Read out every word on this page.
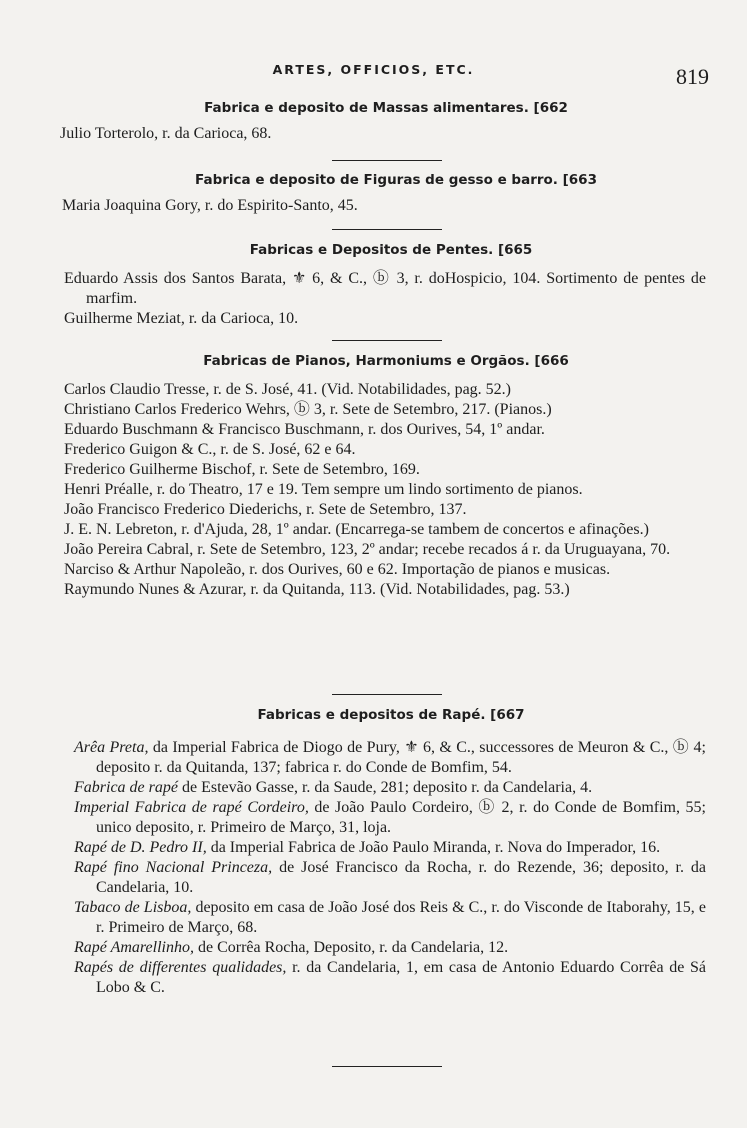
ARTES, OFFICIOS, ETC.	819
Fabrica e deposito de Massas alimentares. [662
Julio Torterolo, r. da Carioca, 68.
Fabrica e deposito de Figuras de gesso e barro. [663
Maria Joaquina Gory, r. do Espirito-Santo, 45.
Fabricas e Depositos de Pentes. [665
Eduardo Assis dos Santos Barata, ⚜ 6, & C., ⓑ 3, r. doHospicio, 104. Sortimento de pentes de marfim.
Guilherme Meziat, r. da Carioca, 10.
Fabricas de Pianos, Harmoniums e Orgãos. [666
Carlos Claudio Tresse, r. de S. José, 41. (Vid. Notabilidades, pag. 52.)
Christiano Carlos Frederico Wehrs, ⓑ 3, r. Sete de Setembro, 217. (Pianos.)
Eduardo Buschmann & Francisco Buschmann, r. dos Ourives, 54, 1º andar.
Frederico Guigon & C., r. de S. José, 62 e 64.
Frederico Guilherme Bischof, r. Sete de Setembro, 169.
Henri Préalle, r. do Theatro, 17 e 19. Tem sempre um lindo sortimento de pianos.
João Francisco Frederico Diederichs, r. Sete de Setembro, 137.
J. E. N. Lebreton, r. d'Ajuda, 28, 1º andar. (Encarrega-se tambem de concertos e afinações.)
João Pereira Cabral, r. Sete de Setembro, 123, 2º andar; recebe recados á r. da Uruguayana, 70.
Narciso & Arthur Napoleão, r. dos Ourives, 60 e 62. Importação de pianos e musicas.
Raymundo Nunes & Azurar, r. da Quitanda, 113. (Vid. Notabilidades, pag. 53.)
Fabricas e depositos de Rapé. [667
Arêa Preta, da Imperial Fabrica de Diogo de Pury, ⚜ 6, & C., successores de Meuron & C., ⓑ 4; deposito r. da Quitanda, 137; fabrica r. do Conde de Bomfim, 54.
Fabrica de rapé de Estevão Gasse, r. da Saude, 281; deposito r. da Candelaria, 4.
Imperial Fabrica de rapé Cordeiro, de João Paulo Cordeiro, ⓑ 2, r. do Conde de Bomfim, 55; unico deposito, r. Primeiro de Março, 31, loja.
Rapé de D. Pedro II, da Imperial Fabrica de João Paulo Miranda, r. Nova do Imperador, 16.
Rapé fino Nacional Princeza, de José Francisco da Rocha, r. do Rezende, 36; deposito, r. da Candelaria, 10.
Tabaco de Lisboa, deposito em casa de João José dos Reis & C., r. do Visconde de Itaborahy, 15, e r. Primeiro de Março, 68.
Rapé Amarellinho, de Corrêa Rocha, Deposito, r. da Candelaria, 12.
Rapés de differentes qualidades, r. da Candelaria, 1, em casa de Antonio Eduardo Corrêa de Sá Lobo & C.
